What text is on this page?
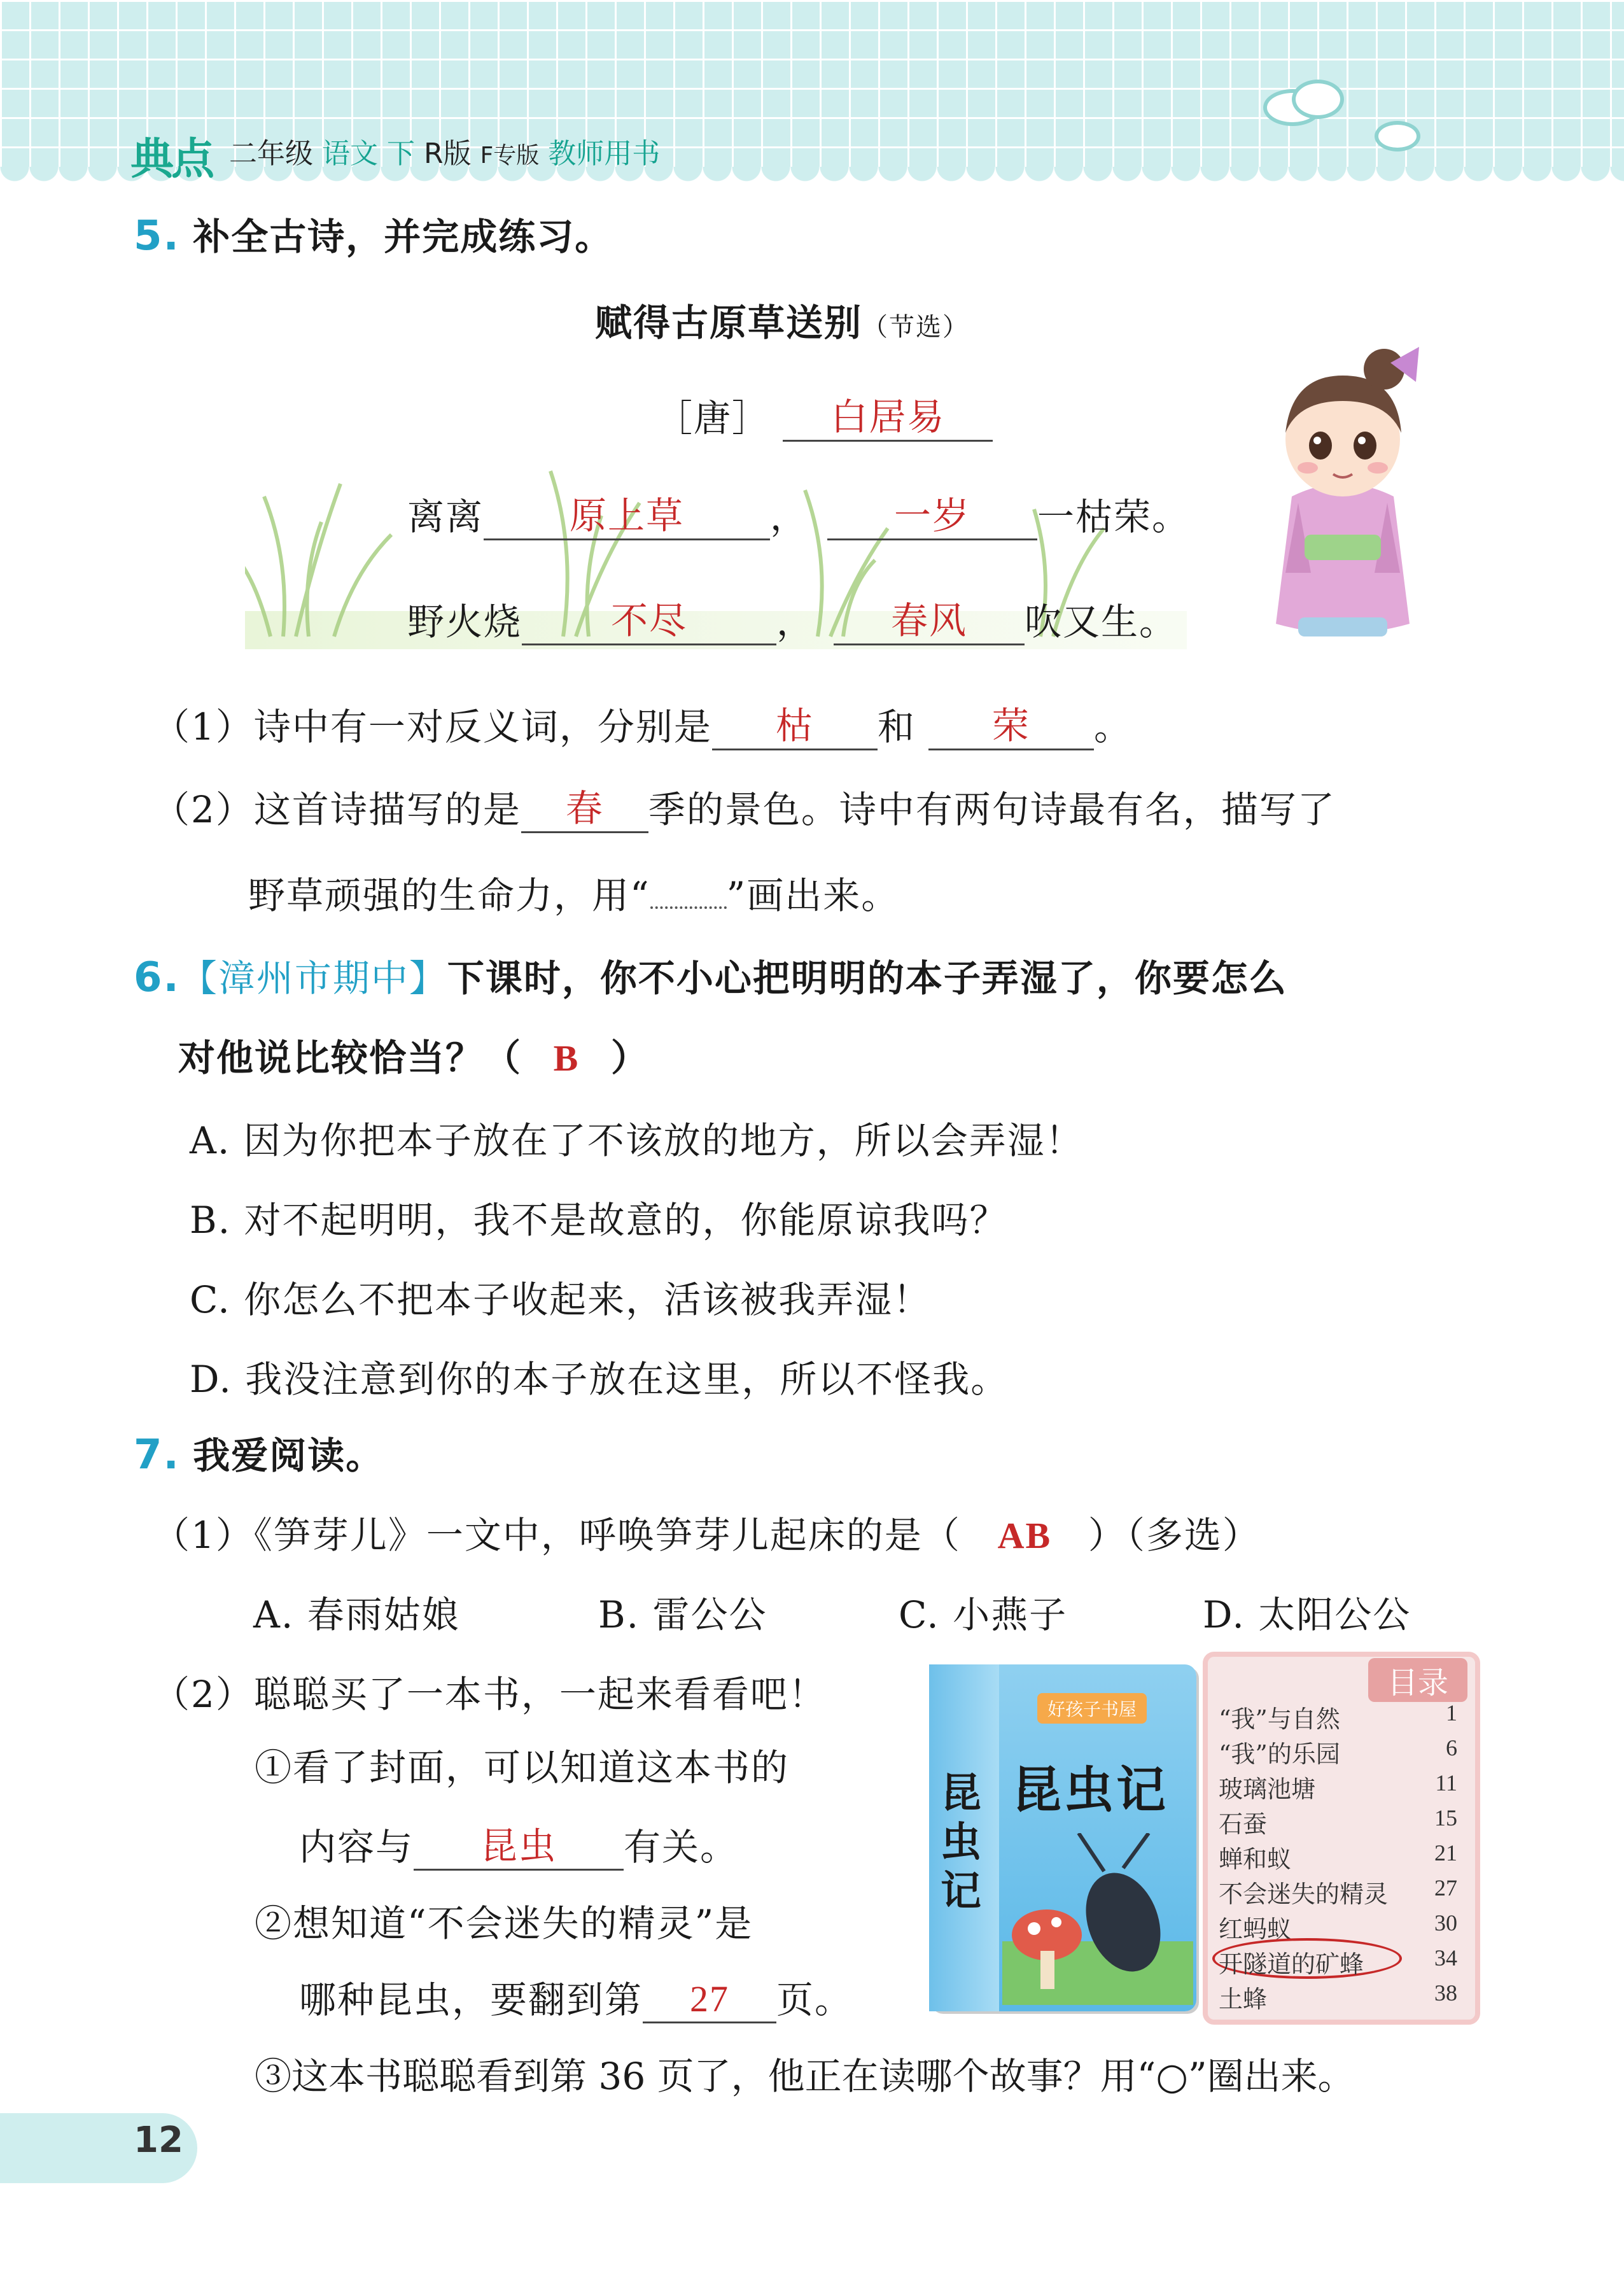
典点 二年级 语文 下 R版 F专版 教师用书
5. 补全古诗，并完成练习。
赋得古原草送别（节选）
［唐］ 白居易
离离 原上草 ， 一岁 一枯荣。
野火烧 不尽 ， 春风 吹又生。
（1）诗中有一对反义词，分别是 枯 和 荣 。
（2）这首诗描写的是 春 季的景色。诗中有两句诗最有名，描写了
野草顽强的生命力，用“ ”画出来。
6.【漳州市期中】下课时，你不小心把明明的本子弄湿了，你要怎么
对他说比较恰当？（ B ）
A. 因为你把本子放在了不该放的地方，所以会弄湿！
B. 对不起明明，我不是故意的，你能原谅我吗？
C. 你怎么不把本子收起来，活该被我弄湿！
D. 我没注意到你的本子放在这里，所以不怪我。
7. 我爱阅读。
（1）《笋芽儿》一文中，呼唤笋芽儿起床的是（ AB ）（多选）
A. 春雨姑娘	B. 雷公公	C. 小燕子	D. 太阳公公
（2）聪聪买了一本书，一起来看看吧！
①看了封面，可以知道这本书的
内容与 昆虫 有关。
②想知道“不会迷失的精灵”是
哪种昆虫，要翻到第 27 页。
③这本书聪聪看到第 36 页了，他正在读哪个故事？用“○”圈出来。
昆虫记
好孩子书屋
昆虫记
目录
“我”与自然	1
“我”的乐园	6
玻璃池塘	11
石蚕	15
蝉和蚁	21
不会迷失的精灵	27
红蚂蚁	30
开隧道的矿蜂	34
土蜂	38
12
